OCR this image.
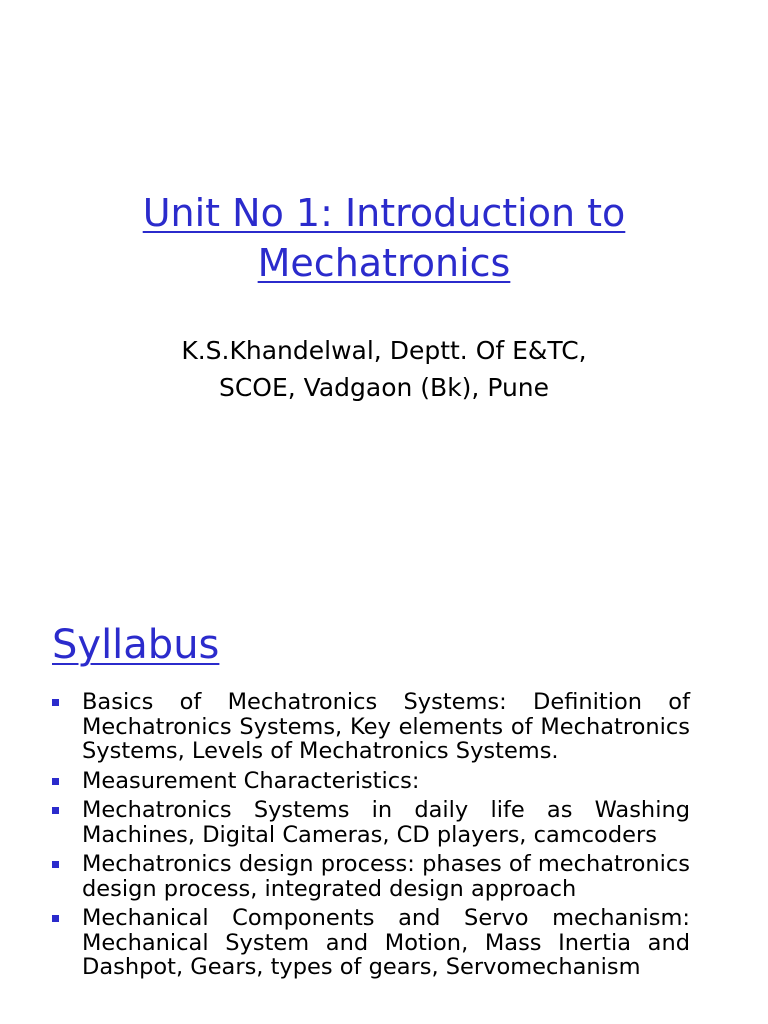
Unit No 1: Introduction to
Mechatronics
K.S.Khandelwal, Deptt. Of E&TC,
SCOE, Vadgaon (Bk), Pune
Syllabus
Basics of Mechatronics Systems: Definition of Mechatronics Systems, Key elements of Mechatronics Systems, Levels of Mechatronics Systems.
Measurement Characteristics:
Mechatronics Systems in daily life as Washing Machines, Digital Cameras, CD players, camcoders
Mechatronics design process: phases of mechatronics design process, integrated design approach
Mechanical Components and Servo mechanism: Mechanical System and Motion, Mass Inertia and Dashpot, Gears, types of gears, Servomechanism
